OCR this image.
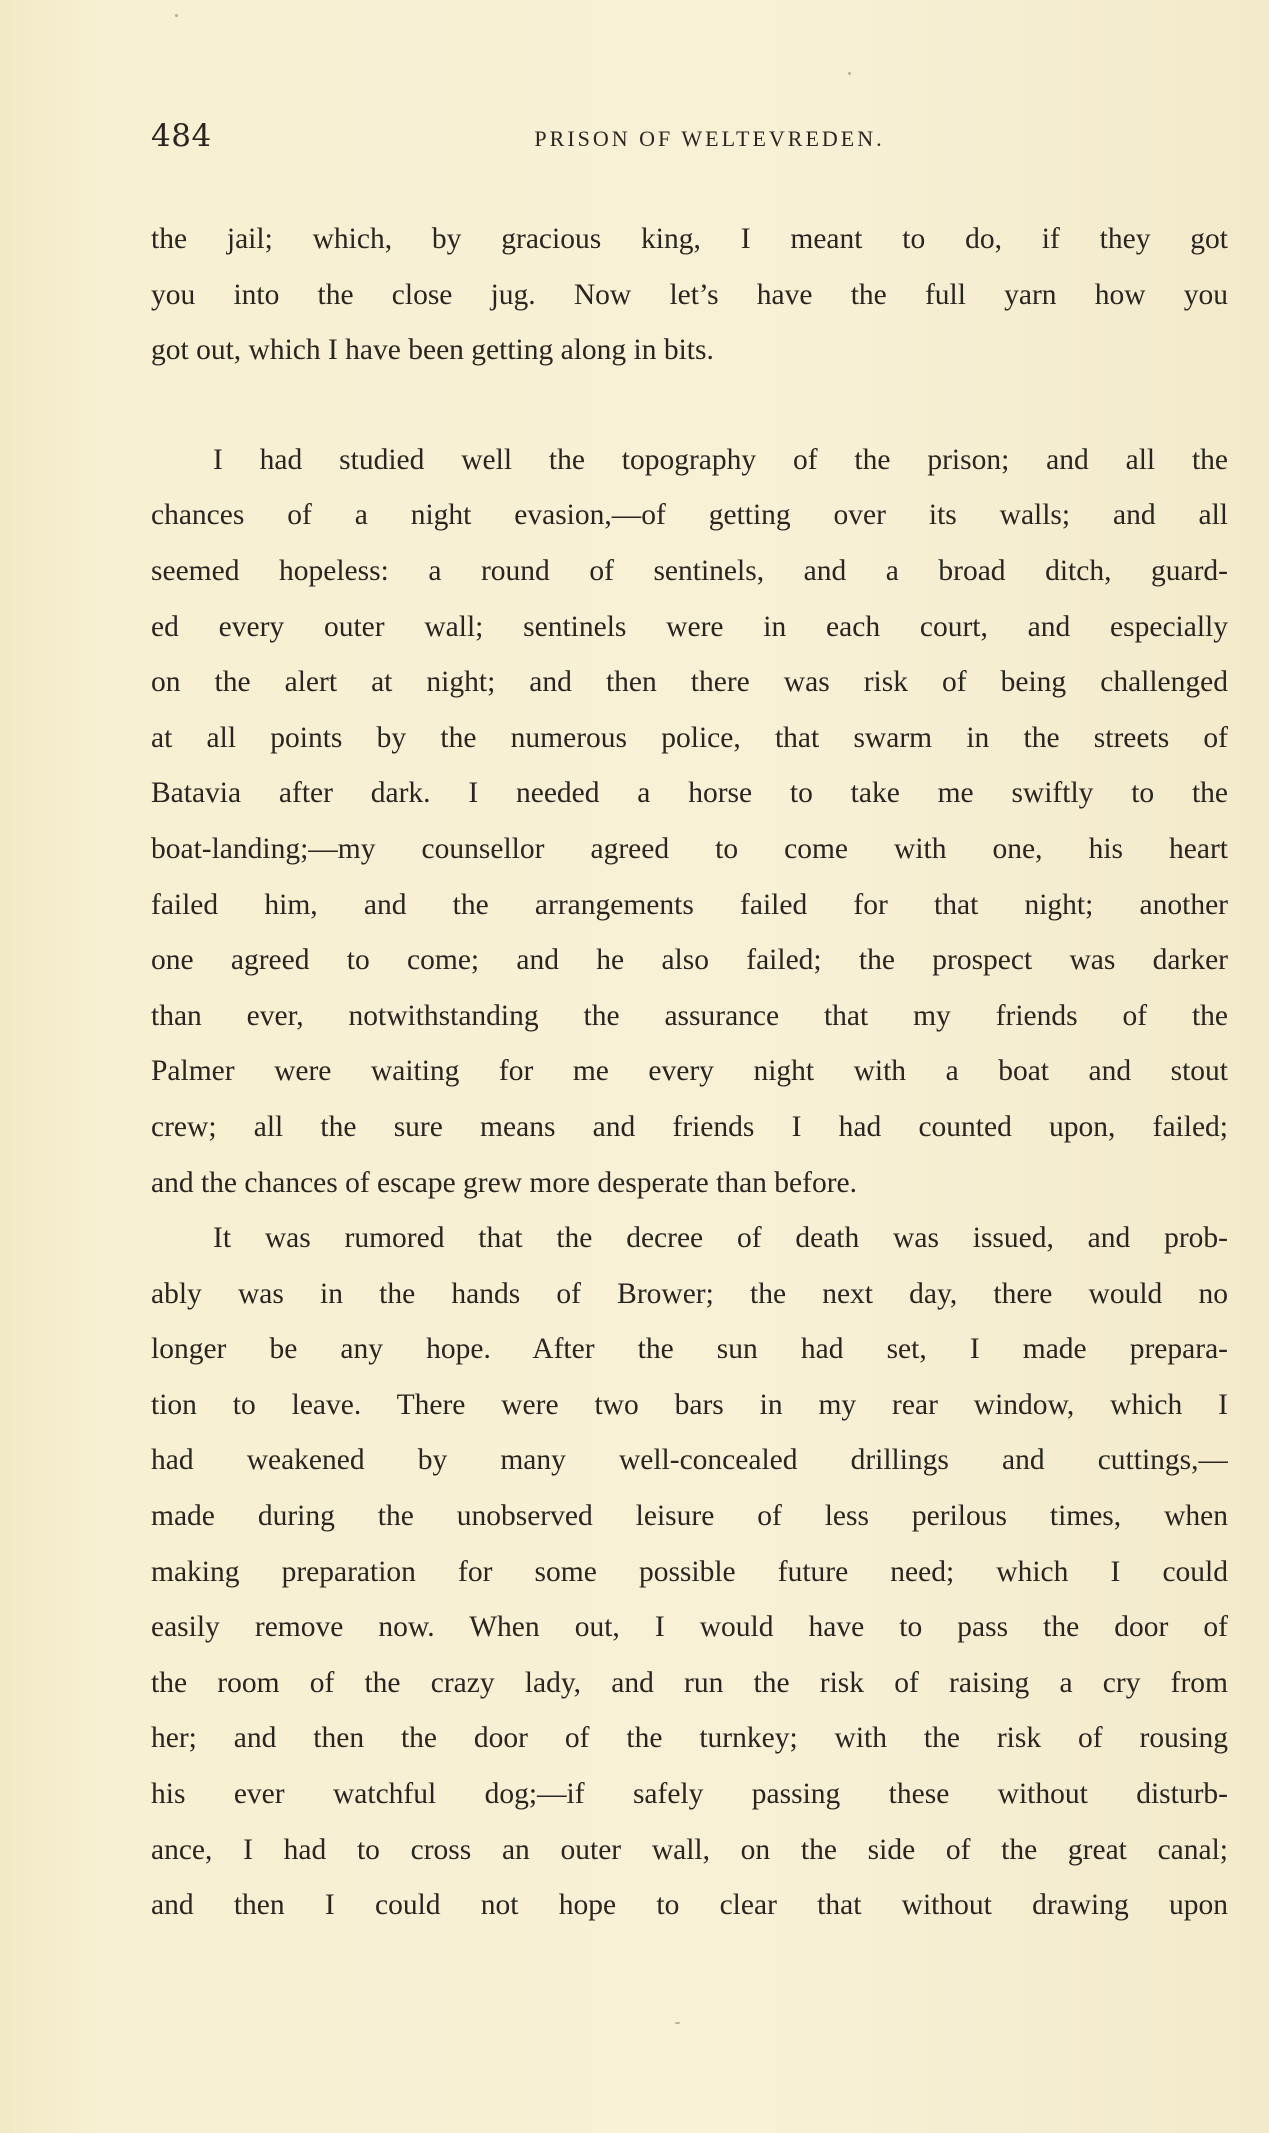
484	PRISON OF WELTEVREDEN.
the jail; which, by gracious king, I meant to do, if they got
you into the close jug. Now let’s have the full yarn how you
got out, which I have been getting along in bits.
I had studied well the topography of the prison; and all the
chances of a night evasion,—of getting over its walls; and all
seemed hopeless: a round of sentinels, and a broad ditch, guard-
ed every outer wall; sentinels were in each court, and especially
on the alert at night; and then there was risk of being challenged
at all points by the numerous police, that swarm in the streets of
Batavia after dark. I needed a horse to take me swiftly to the
boat-landing;—my counsellor agreed to come with one, his heart
failed him, and the arrangements failed for that night; another
one agreed to come; and he also failed; the prospect was darker
than ever, notwithstanding the assurance that my friends of the
Palmer were waiting for me every night with a boat and stout
crew; all the sure means and friends I had counted upon, failed;
and the chances of escape grew more desperate than before.
It was rumored that the decree of death was issued, and prob-
ably was in the hands of Brower; the next day, there would no
longer be any hope. After the sun had set, I made prepara-
tion to leave. There were two bars in my rear window, which I
had weakened by many well-concealed drillings and cuttings,—
made during the unobserved leisure of less perilous times, when
making preparation for some possible future need; which I could
easily remove now. When out, I would have to pass the door of
the room of the crazy lady, and run the risk of raising a cry from
her; and then the door of the turnkey; with the risk of rousing
his ever watchful dog;—if safely passing these without disturb-
ance, I had to cross an outer wall, on the side of the great canal;
and then I could not hope to clear that without drawing upon
